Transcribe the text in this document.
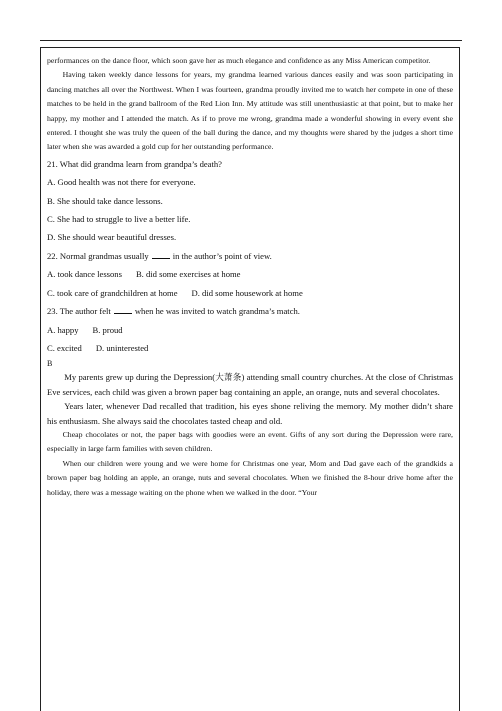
performances on the dance floor, which soon gave her as much elegance and confidence as any Miss American competitor.

Having taken weekly dance lessons for years, my grandma learned various dances easily and was soon participating in dancing matches all over the Northwest. When I was fourteen, grandma proudly invited me to watch her compete in one of these matches to be held in the grand ballroom of the Red Lion Inn. My attitude was still unenthusiastic at that point, but to make her happy, my mother and I attended the match. As if to prove me wrong, grandma made a wonderful showing in every event she entered. I thought she was truly the queen of the ball during the dance, and my thoughts were shared by the judges a short time later when she was awarded a gold cup for her outstanding performance.

21. What did grandma learn from grandpa’s death?

A. Good health was not there for everyone.

B. She should take dance lessons.

C. She had to struggle to live a better life.

D. She should wear beautiful dresses.

22. Normal grandmas usually	in the author’s point of view.

A. took dance lessons B. did some exercises at home

C. took care of grandchildren at home D. did some housework at home

23. The author felt	when he was invited to watch grandma’s match.

A. happy B. proud

C. excited D. uninterested

B

My parents grew up during the Depression(大萧条) attending small country churches. At the close of Christmas Eve services, each child was given a brown paper bag containing an apple, an orange, nuts and several chocolates.

Years later, whenever Dad recalled that tradition, his eyes shone reliving the memory. My mother didn’t share his enthusiasm. She always said the chocolates tasted cheap and old.

Cheap chocolates or not, the paper bags with goodies were an event. Gifts of any sort during the Depression were rare, especially in large farm families with seven children.

When our children were young and we were home for Christmas one year, Mom and Dad gave each of the grandkids a brown paper bag holding an apple, an orange, nuts and several chocolates. When we finished the 8-hour drive home after the holiday, there was a message waiting on the phone when we walked in the door. “Your
